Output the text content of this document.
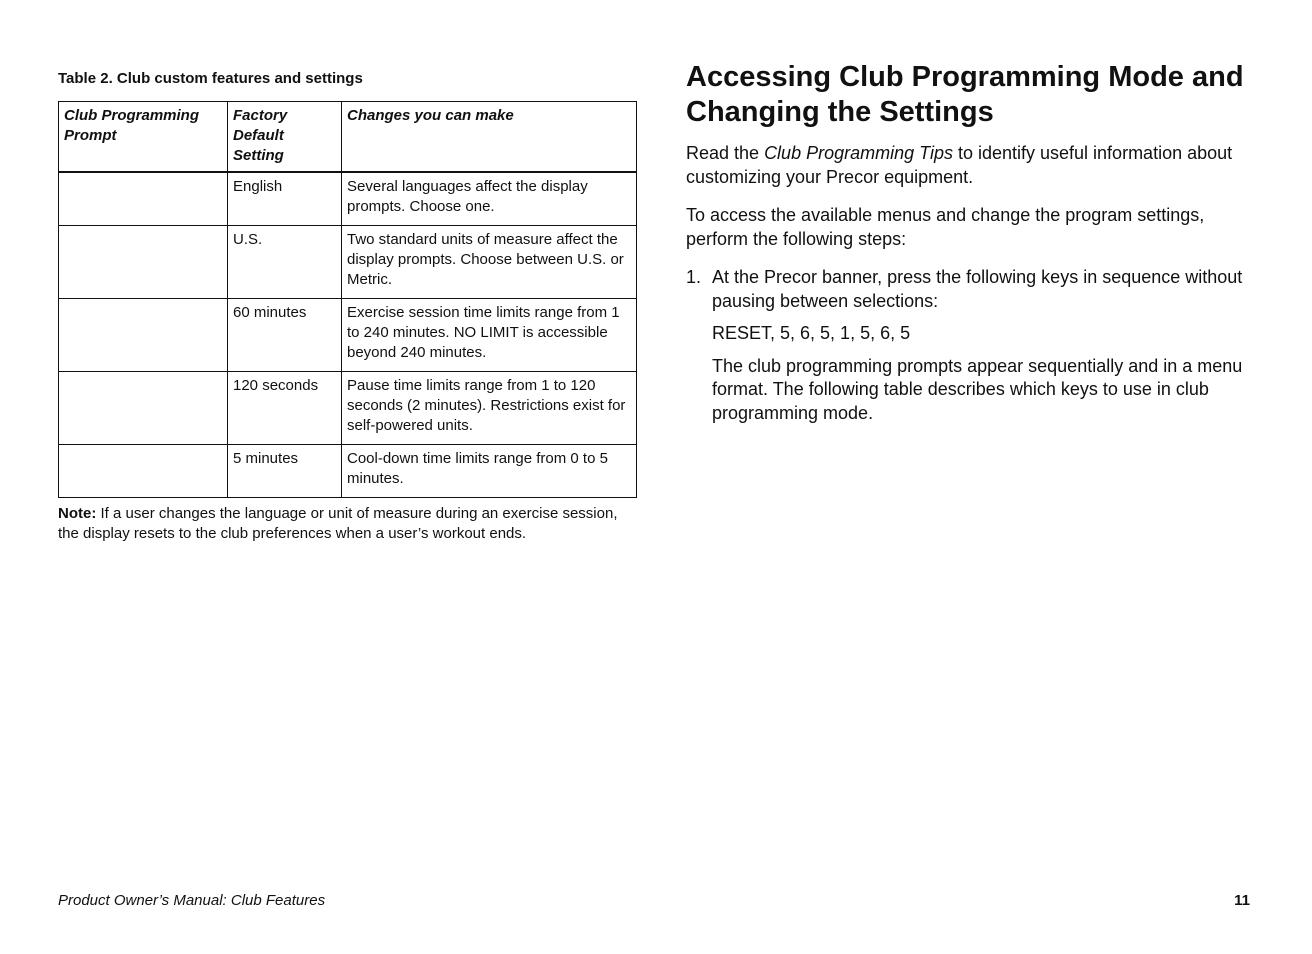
Table 2. Club custom features and settings
Club Programming Prompt	Factory Default Setting	Changes you can make
	English	Several languages affect the display prompts. Choose one.
	U.S.	Two standard units of measure affect the display prompts. Choose between U.S. or Metric.
	60 minutes	Exercise session time limits range from 1 to 240 minutes. NO LIMIT is accessible beyond 240 minutes.
	120 seconds	Pause time limits range from 1 to 120 seconds (2 minutes). Restrictions exist for self-powered units.
	5 minutes	Cool-down time limits range from 0 to 5 minutes.
Note: If a user changes the language or unit of measure during an exercise session, the display resets to the club preferences when a user’s workout ends.
Accessing Club Programming Mode and Changing the Settings

Read the Club Programming Tips to identify useful information about customizing your Precor equipment.

To access the available menus and change the program settings, perform the following steps:

1. At the Precor banner, press the following keys in sequence without pausing between selections:

RESET, 5, 6, 5, 1, 5, 6, 5

The club programming prompts appear sequentially and in a menu format. The following table describes which keys to use in club programming mode.

Product Owner’s Manual: Club Features	11
